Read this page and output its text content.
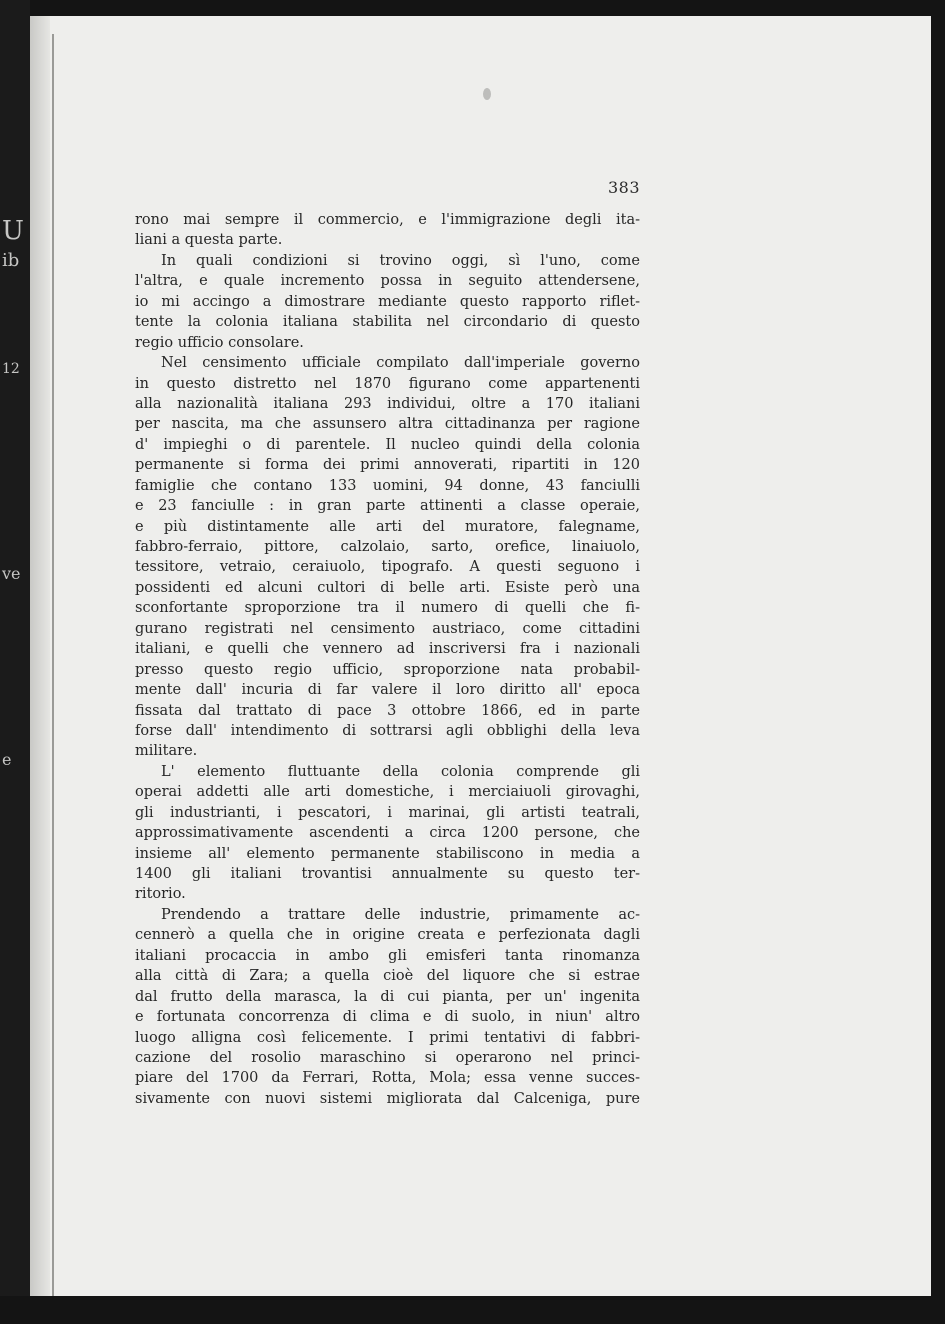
U
ib
12
ve
e
383
rono mai sempre il commercio, e l'immigrazione degli ita-
liani a questa parte.
In quali condizioni si trovino oggi, sì l'uno, come
l'altra, e quale incremento possa in seguito attendersene,
io mi accingo a dimostrare mediante questo rapporto riflet-
tente la colonia italiana stabilita nel circondario di questo
regio ufficio consolare.
Nel censimento ufficiale compilato dall'imperiale governo
in questo distretto nel 1870 figurano come appartenenti
alla nazionalità italiana 293 individui, oltre a 170 italiani
per nascita, ma che assunsero altra cittadinanza per ragione
d' impieghi o di parentele. Il nucleo quindi della colonia
permanente si forma dei primi annoverati, ripartiti in 120
famiglie che contano 133 uomini, 94 donne, 43 fanciulli
e 23 fanciulle : in gran parte attinenti a classe operaie,
e più distintamente alle arti del muratore, falegname,
fabbro-ferraio, pittore, calzolaio, sarto, orefice, linaiuolo,
tessitore, vetraio, ceraiuolo, tipografo. A questi seguono i
possidenti ed alcuni cultori di belle arti. Esiste però una
sconfortante sproporzione tra il numero di quelli che fi-
gurano registrati nel censimento austriaco, come cittadini
italiani, e quelli che vennero ad inscriversi fra i nazionali
presso questo regio ufficio, sproporzione nata probabil-
mente dall' incuria di far valere il loro diritto all' epoca
fissata dal trattato di pace 3 ottobre 1866, ed in parte
forse dall' intendimento di sottrarsi agli obblighi della leva
militare.
L' elemento fluttuante della colonia comprende gli
operai addetti alle arti domestiche, i merciaiuoli girovaghi,
gli industrianti, i pescatori, i marinai, gli artisti teatrali,
approssimativamente ascendenti a circa 1200 persone, che
insieme all' elemento permanente stabiliscono in media a
1400 gli italiani trovantisi annualmente su questo ter-
ritorio.
Prendendo a trattare delle industrie, primamente ac-
cennerò a quella che in origine creata e perfezionata dagli
italiani procaccia in ambo gli emisferi tanta rinomanza
alla città di Zara; a quella cioè del liquore che si estrae
dal frutto della marasca, la di cui pianta, per un' ingenita
e fortunata concorrenza di clima e di suolo, in niun' altro
luogo alligna così felicemente. I primi tentativi di fabbri-
cazione del rosolio maraschino si operarono nel princi-
piare del 1700 da Ferrari, Rotta, Mola; essa venne succes-
sivamente con nuovi sistemi migliorata dal Calceniga, pure
